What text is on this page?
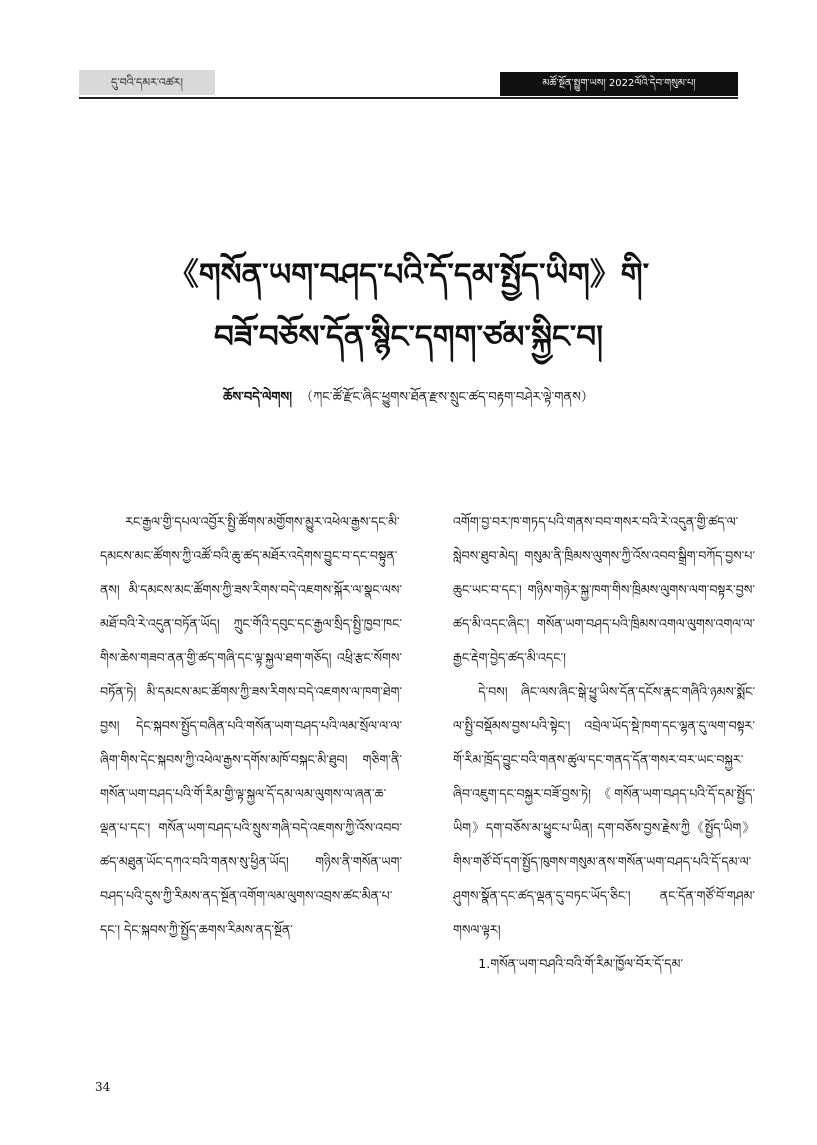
དུ་བའི་དམར་འཚར།	མཚོ་སྔོན་སྤྱུག་ཡས། 2022ལོའི་དེབ་གསུམ་པ།
《གསོན་ཡག་བཤད་པའི་དོ་དམ་སྤྱོད་ཡིག》གི་
བཟོ་བཅོས་དོན་སྙིང་དགག་ཙམ་སྐྱིང་བ།
ཆོས་བདེ་ལེགས། （ཀང་ཚོ་རྫོང་ཞིང་ཕྱུགས་ཐོན་རྫས་སྲུང་ཚད་བརྟག་བཤེར་ལྟེ་གནས）

རང་རྒྱལ་གྱི་དཔལ་འབྱོར་སྤྱི་ཚོགས་མགྱོགས་མྱུར་འཕེལ་རྒྱས་དང་མི་དམངས་མང་ཚོགས་ཀྱི་འཚོ་བའི་ཆུ་ཚད་མཐོར་འདེགས་བྱུང་བ་དང་བསྟུན་ནས། མི་དམངས་མང་ཚོགས་ཀྱི་ཟས་རིགས་བདེ་འཇགས་སྐོར་ལ་སྣང་ལས་མཐོ་བའི་རེ་འདུན་བཏོན་ཡོད། ཀྲུང་གོའི་དབུང་དང་རྒྱལ་སྲིད་སྤྱི་ཁྱབ་ཁང་གིས་ཆེས་གཟབ་ནན་གྱི་ཚད་གཞི་དང་ལྟ་སྐྱལ་ཐག་གཅོད། འཕྲི་རྩང་སོགས་བཏོན་ཏེ། མི་དམངས་མང་ཚོགས་ཀྱི་ཟས་རིགས་བདེ་འཇགས་ལ་ཁག་ཐེག་བྱས། དེང་སྐབས་སྤྱོད་བཞིན་པའི་གསོན་ཡག་བཤད་པའི་ལམ་སྲོལ་ལ་ལ་ཞིག་གིས་དེང་སྐབས་ཀྱི་འཕེལ་རྒྱས་དགོས་མཁོ་བསྐང་མི་ཐུབ། གཅིག་ནི་གསོན་ཡག་བཤད་པའི་གོ་རིམ་གྱི་ལྟ་སྐྱལ་དོ་དམ་ལམ་ལུགས་ལ་ཞན་ཆ་ལྡན་པ་དང་། གསོན་ཡག་བཤད་པའི་སྲུས་གཞི་བདེ་འཇགས་ཀྱི་འོས་འབབ་ཚད་མཐུན་ཡོང་དཀའ་བའི་གནས་སུ་ཕྱིན་ཡོད། གཉིས་ནི་གསོན་ཡག་བཤད་པའི་དུས་ཀྱི་རིམས་ནད་སྔོན་འགོག་ལམ་ལུགས་འབྲས་ཚང་མིན་པ་དང་། དེང་སྐབས་ཀྱི་སྤྱོད་ཆགས་རིམས་ནད་སྔོན་

འགོག་བྱ་བར་ཁ་གཏད་པའི་གནས་བབ་གསར་བའི་རེ་འདུན་གྱི་ཚད་ལ་སླེབས་ཐུབ་མེད། གསུམ་ནི་ཁྲིམས་ལུགས་ཀྱི་འོས་འབབ་སྒྲིག་བཀོད་བྱས་པ་ཆུང་ཡང་བ་དང་། གཉིས་གཉེར་སྐྱ་ཁག་གིས་ཁྲིམས་ལུགས་ལག་བསྟར་བྱས་ཚད་མི་འདང་ཞིང་། གསོན་ཡག་བཤད་པའི་ཁྲིམས་འགལ་ལུགས་འགལ་ལ་རྒྱང་རྡེག་བྱེད་ཚད་མི་འདང་།

དེ་བས། ཞིང་ལས་ཞིང་སྒེ་ཕྱུ་ཡིས་དོན་དངོས་རྣང་གཞིའི་ཉམས་སྨོང་ལ་སྤྱི་བསྡོམས་བྱས་པའི་སྟེང་། འབྲེལ་ཡོད་སྡེ་ཁག་དང་ལྷན་དུ་ལག་བསྟར་གོ་རིམ་ཁྲོད་བྱུང་བའི་གནས་ཚུལ་དང་གནད་དོན་གསར་བར་ཡང་བསྐྱར་ཞིབ་འཇུག་དང་བསྐྱར་བཟོ་བྱས་ཏེ། 《གསོན་ཡག་བཤད་པའི་དོ་དམ་སྤྱོད་ཡིག》དག་བཅོས་མ་ཕྱུང་པ་ཡིན། དག་བཅོས་བྱས་རྗེས་ཀྱི《སྤྱོད་ཡིག》གིས་གཙོ་བོ་དག་སྤྱོད་ཁུགས་གསུམ་ནས་གསོན་ཡག་བཤད་པའི་དོ་དམ་ལ་ཤུགས་སྣོན་དང་ཚད་ལྡན་དུ་བཏང་ཡོད་ཅིང་། ནང་དོན་གཙོ་བོ་གཤམ་གསལ་ལྟར།

1.གསོན་ཡག་བཤའི་བའི་གོ་རིམ་ཁྱོལ་བོར་དོ་དམ་

34
